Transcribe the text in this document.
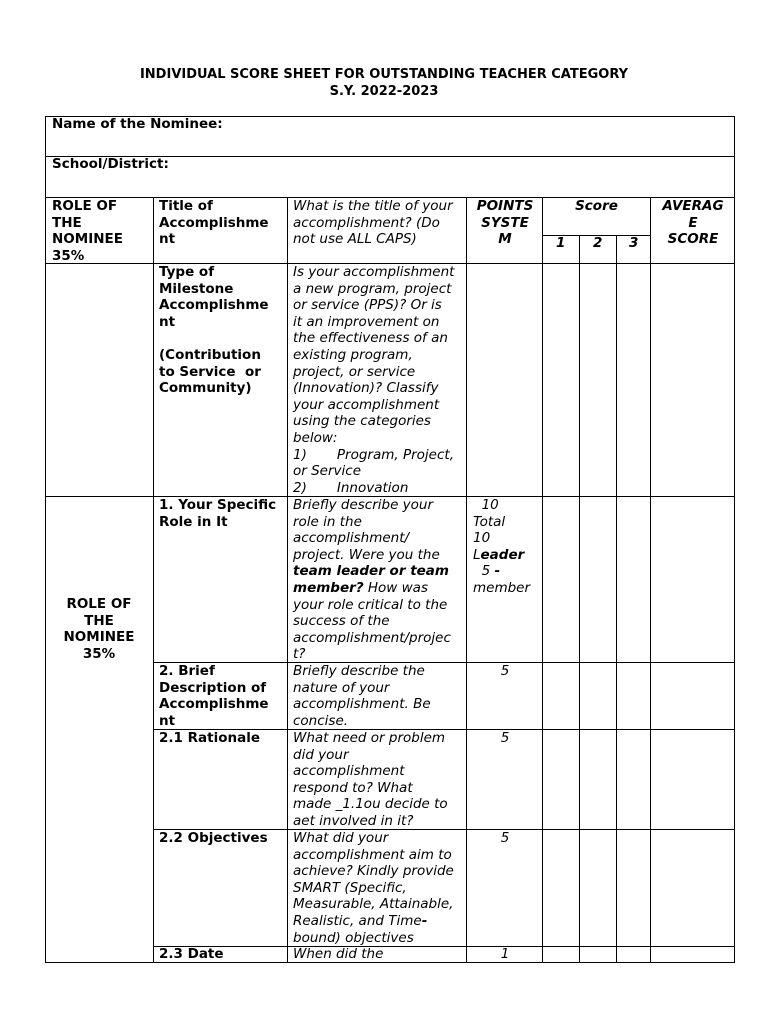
INDIVIDUAL SCORE SHEET FOR OUTSTANDING TEACHER CATEGORY
S.Y. 2022-2023
Name of the Nominee:
School/District:
ROLE OF
THE
NOMINEE
35%
Title of
Accomplishme
nt
What is the title of your
accomplishment? (Do
not use ALL CAPS)
POINTS
SYSTE
M
Score
1 2 3
AVERAG
E
SCORE
Type of
Milestone
Accomplishme
nt

(Contribution
to Service  or
Community)
Is your accomplishment
a new program, project
or service (PPS)? Or is
it an improvement on
the effectiveness of an
existing program,
project, or service
(Innovation)? Classify
your accomplishment
using the categories
below:
1)       Program, Project,
or Service
2)       Innovation
1. Your Specific
Role in It
Briefly describe your
role in the
accomplishment/
project. Were you the
team leader or team
member? How was
your role critical to the
success of the
accomplishment/projec
t?
10
Total
10
Leader
5 -
member
ROLE OF
THE
NOMINEE
35%
2. Brief
Description of
Accomplishme
nt
Briefly describe the
nature of your
accomplishment. Be
concise.
5
2.1 Rationale What need or problem
did your
accomplishment
respond to? What
made _1.1ou decide to
aet involved in it?
5
2.2 Objectives What did your
accomplishment aim to
achieve? Kindly provide
SMART (Specific,
Measurable, Attainable,
Realistic, and Time-
bound) objectives
5
2.3 Date	When did the	1
